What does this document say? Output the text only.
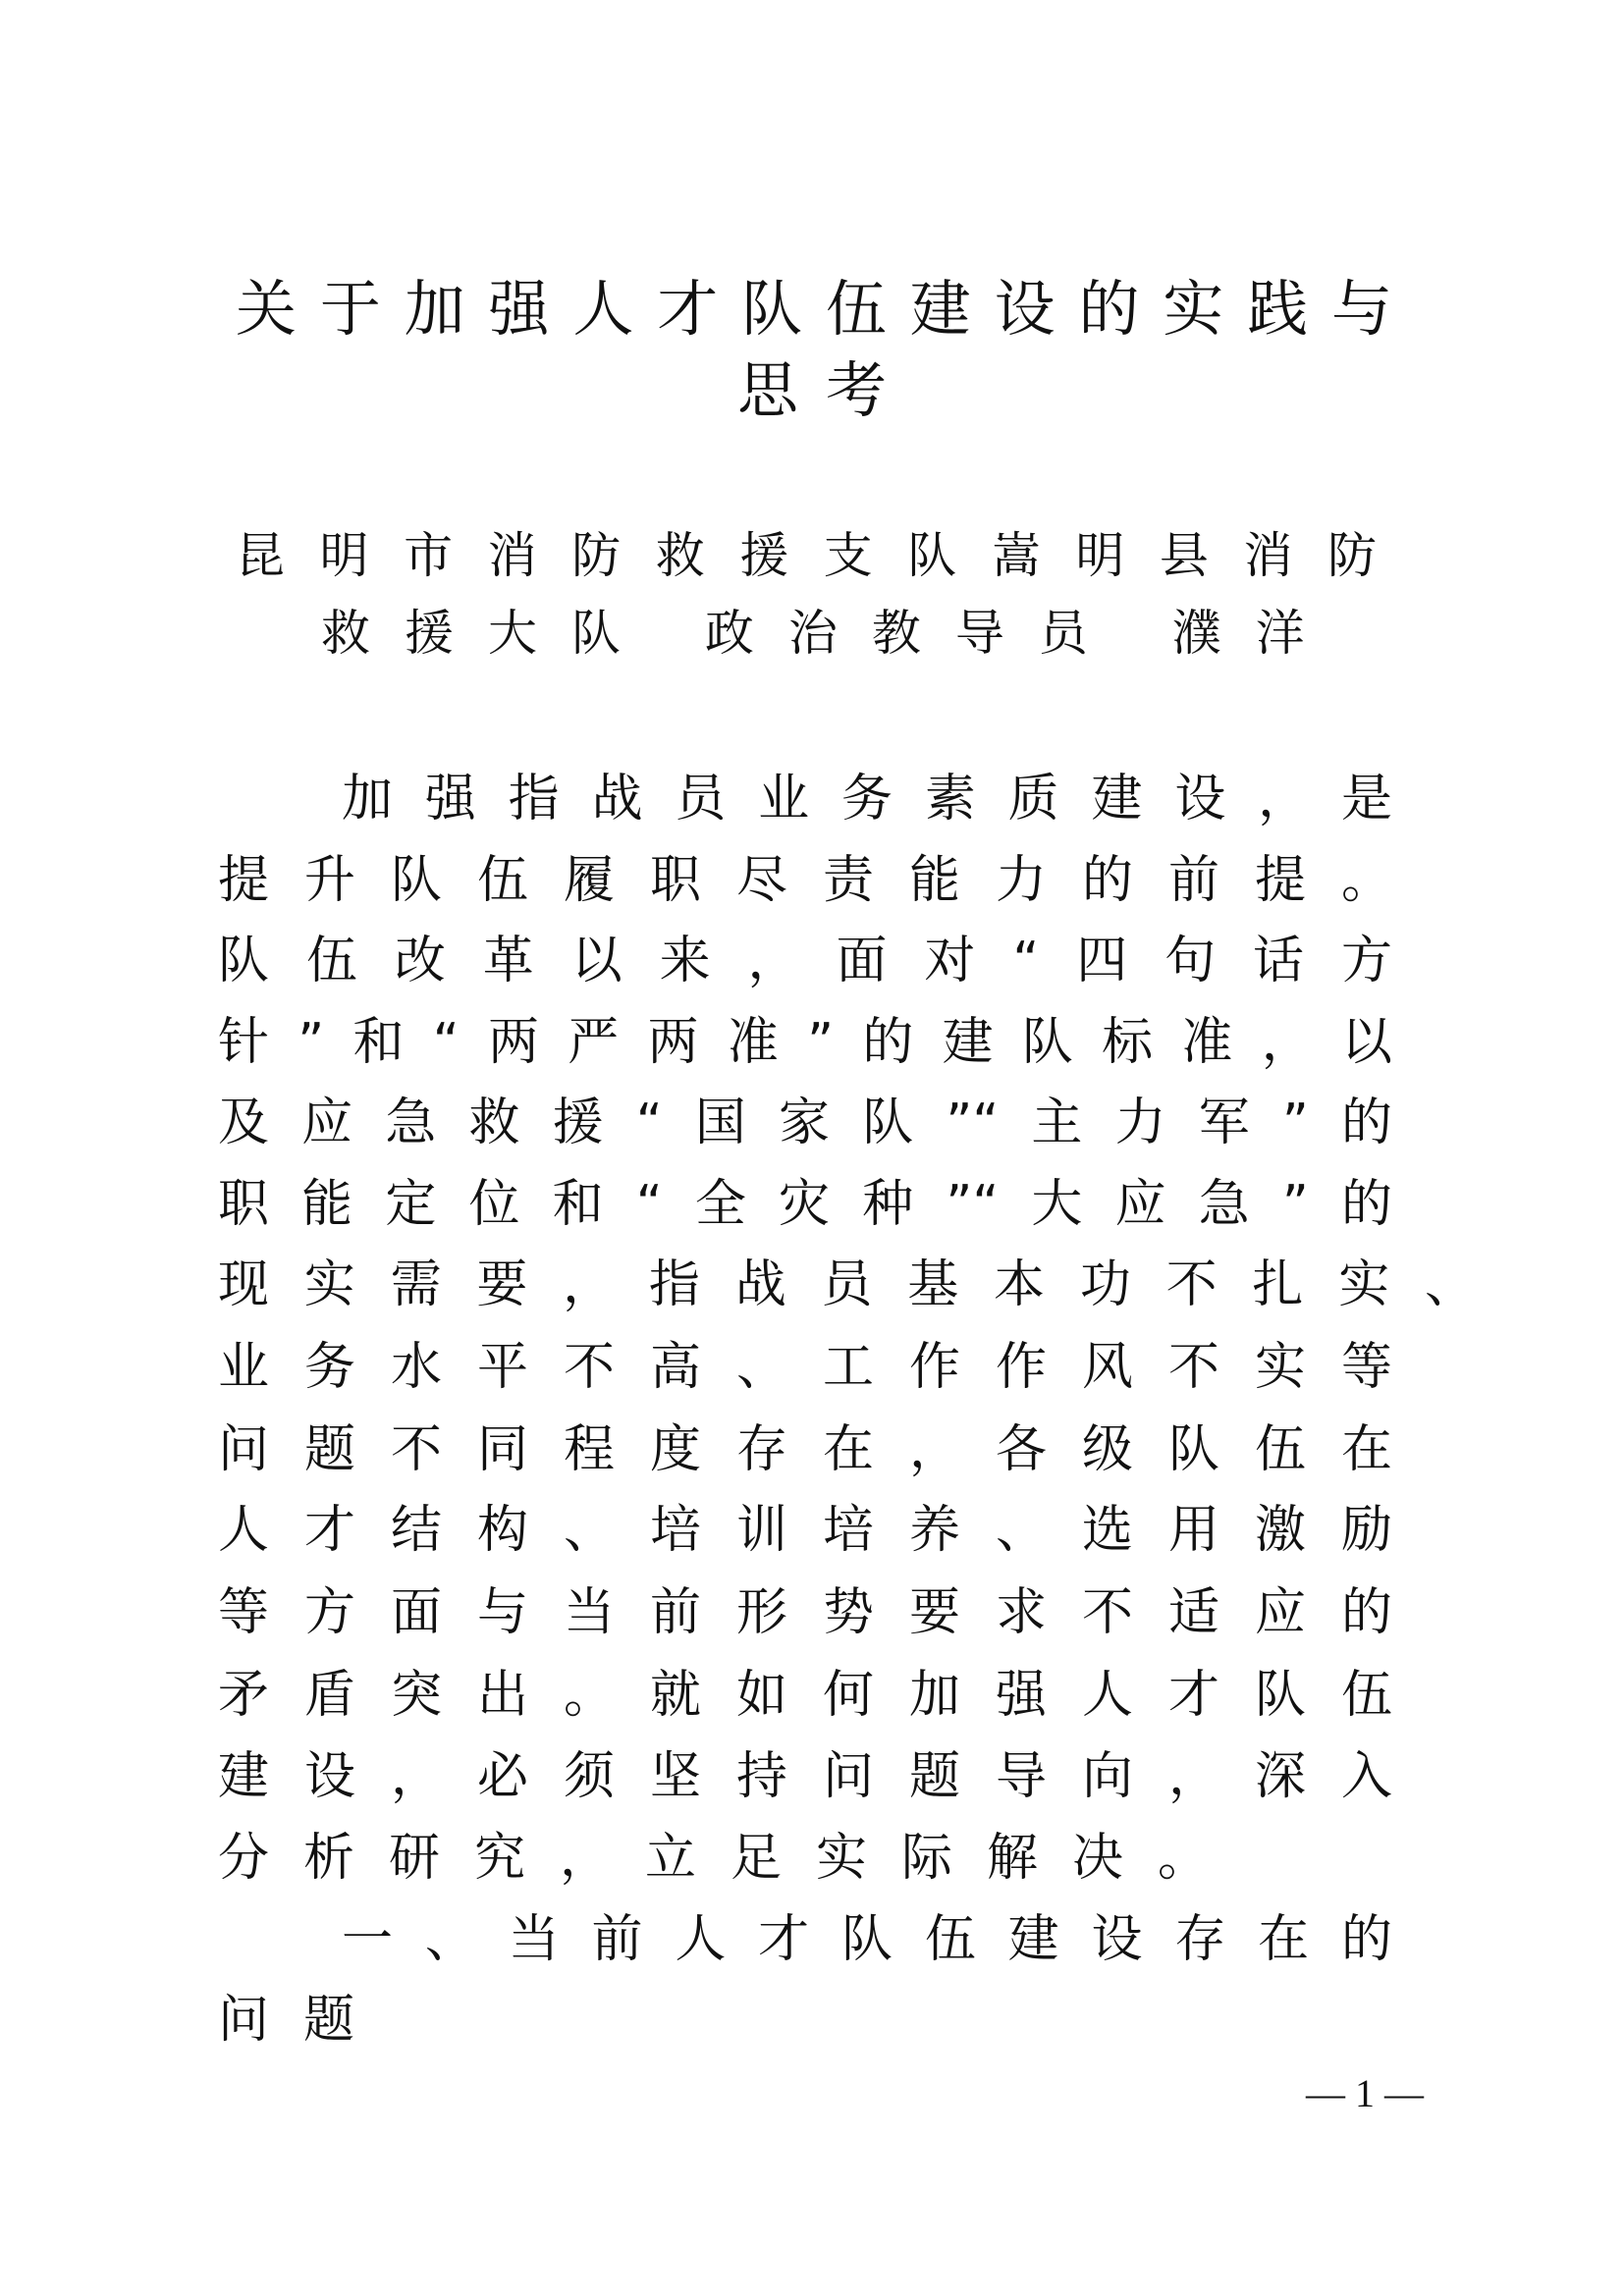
关于加强人才队伍建设的实践与
思考
昆明市消防救援支队嵩明县消防
救援大队 政治教导员 濮洋
加强指战员业务素质建设，是
提升队伍履职尽责能力的前提。
队伍改革以来，面对“四句话方
针”和“两严两准”的建队标准，以
及应急救援“国家队”“主力军”的
职能定位和“全灾种”“大应急”的
现实需要，指战员基本功不扎实、
业务水平不高、工作作风不实等
问题不同程度存在，各级队伍在
人才结构、培训培养、选用激励
等方面与当前形势要求不适应的
矛盾突出。就如何加强人才队伍
建设，必须坚持问题导向，深入
分析研究，立足实际解决。
一、当前人才队伍建设存在的
问题
— 1 —
